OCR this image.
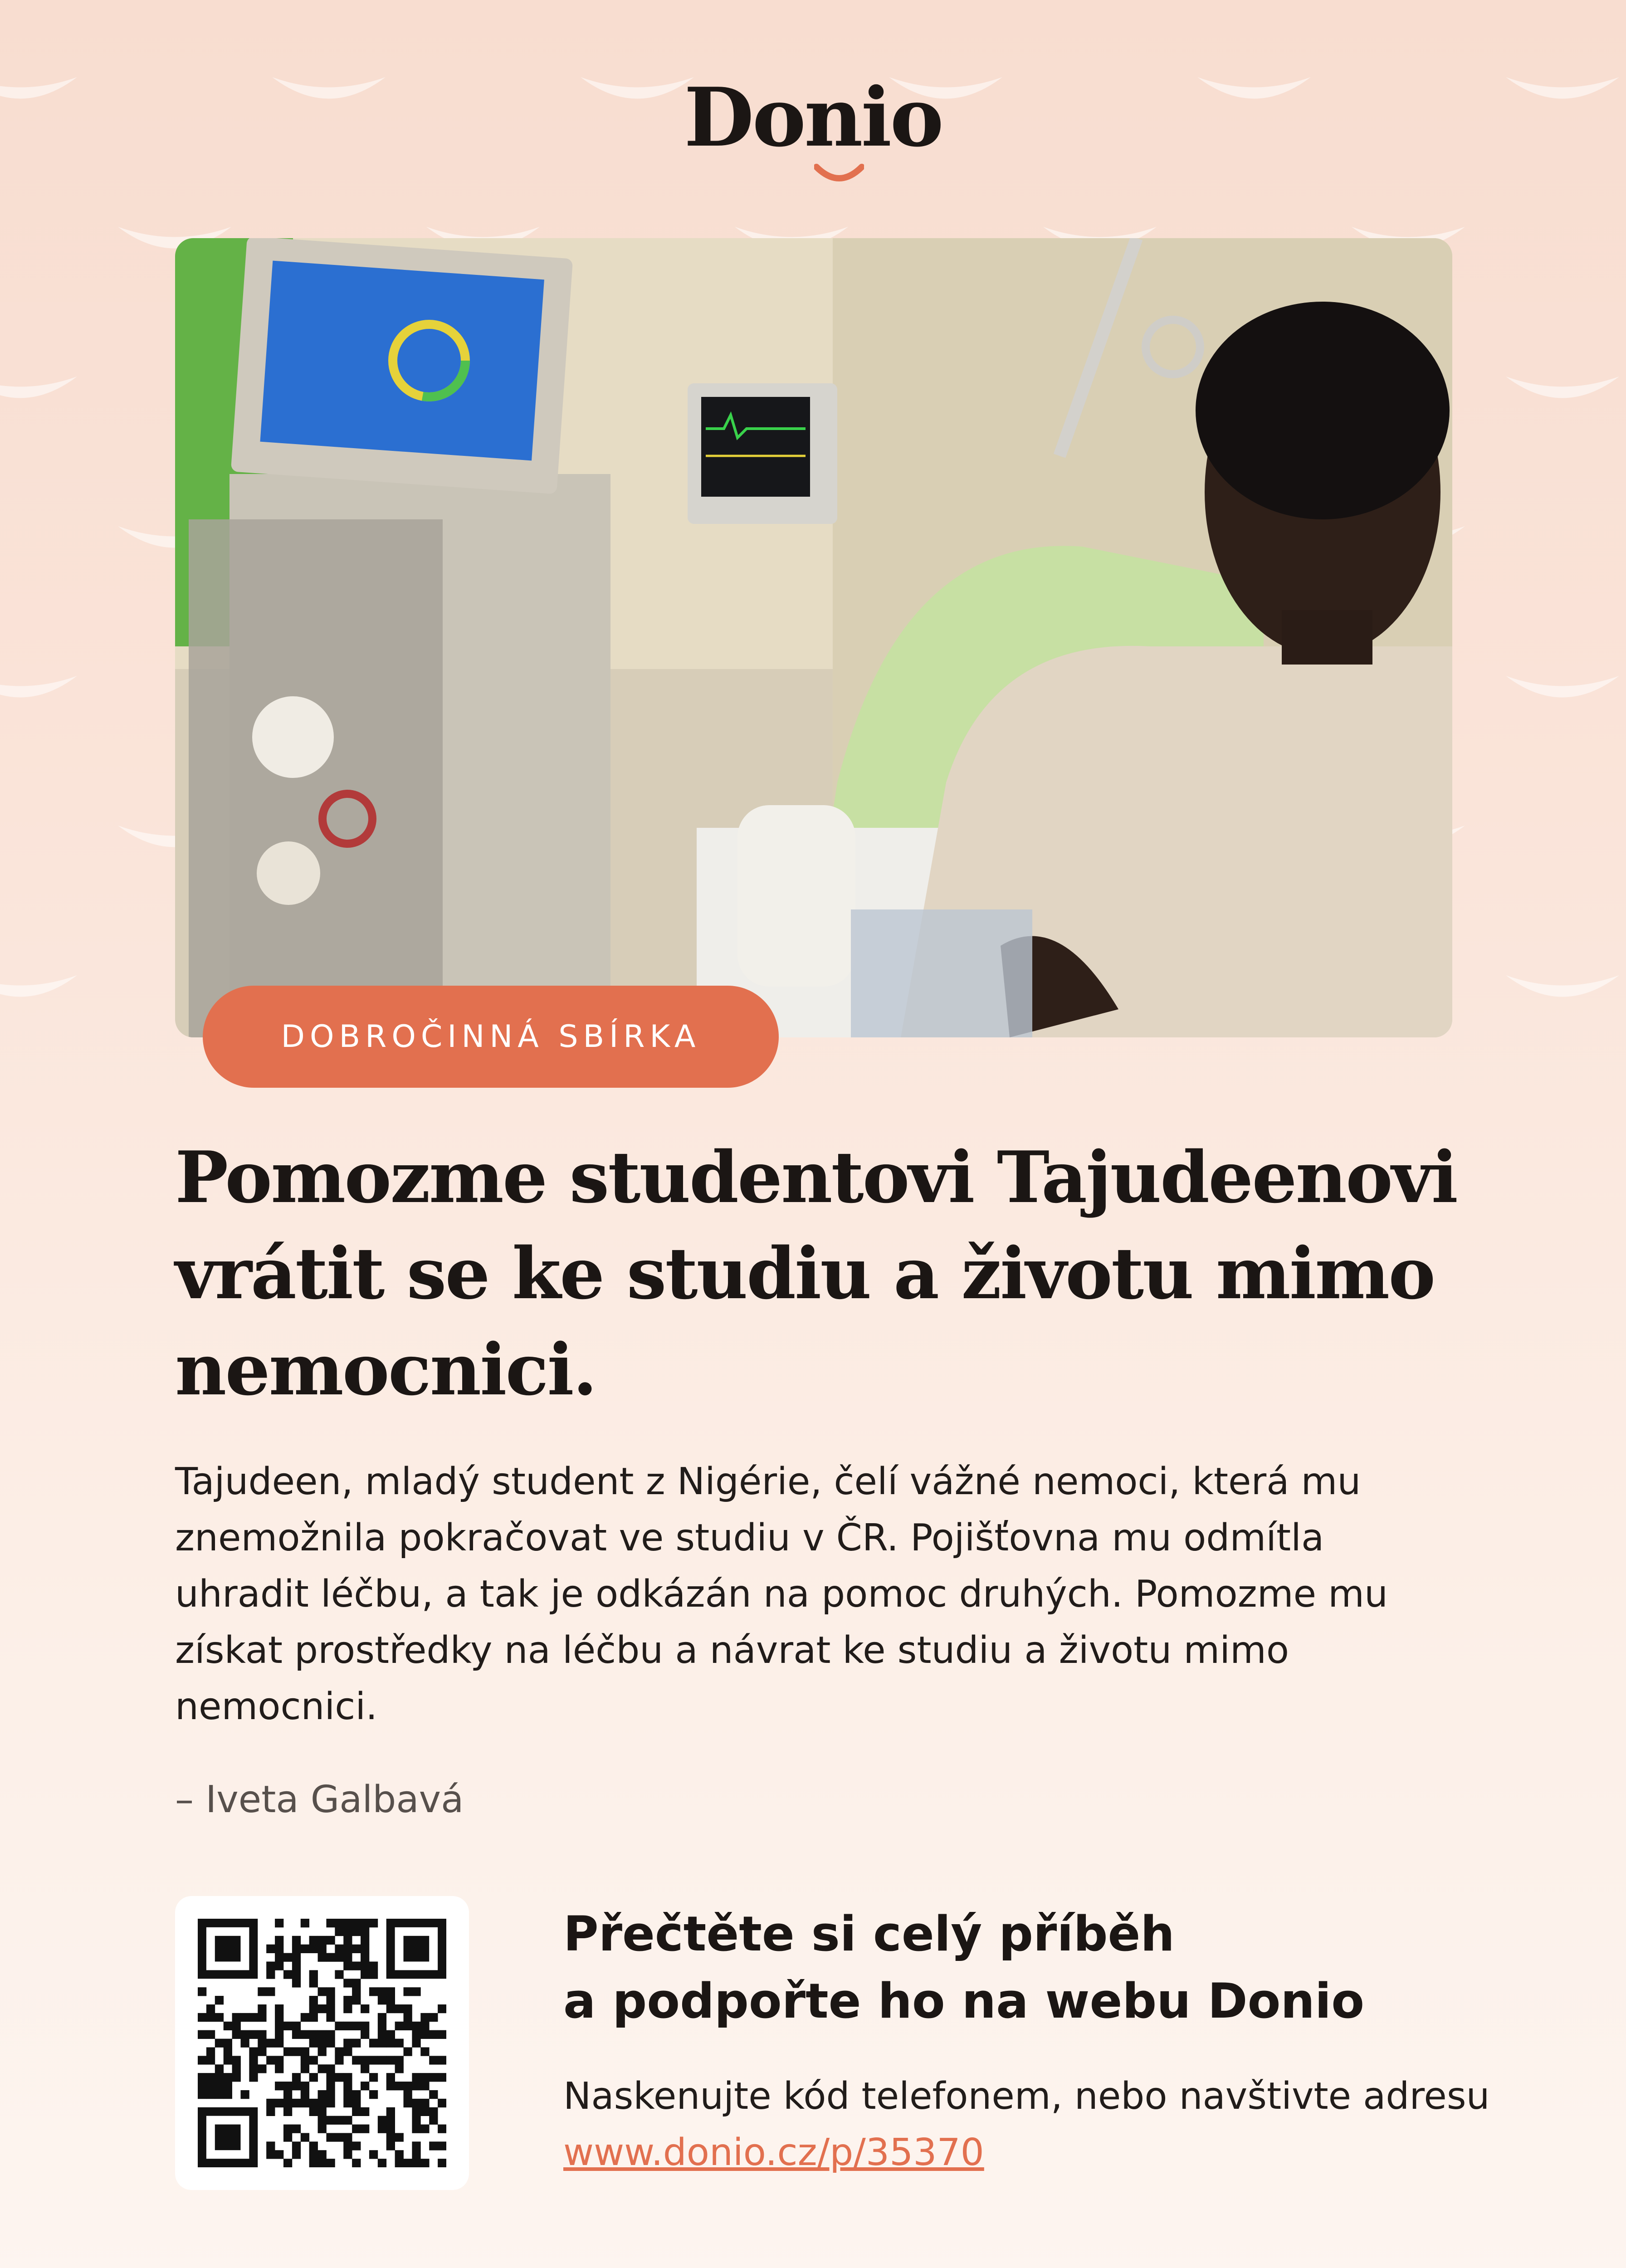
Donio
DOBROČINNÁ SBÍRKA
Pomozme studentovi Tajudeenovi vrátit se ke studiu a životu mimo nemocnici.

Tajudeen, mladý student z Nigérie, čelí vážné nemoci, která mu znemožnila pokračovat ve studiu v ČR. Pojišťovna mu odmítla uhradit léčbu, a tak je odkázán na pomoc druhých. Pomozme mu získat prostředky na léčbu a návrat ke studiu a životu mimo nemocnici.

– Iveta Galbavá
Přečtěte si celý příběh
a podpořte ho na webu Donio

Naskenujte kód telefonem, nebo navštivte adresu www.donio.cz/p/35370
